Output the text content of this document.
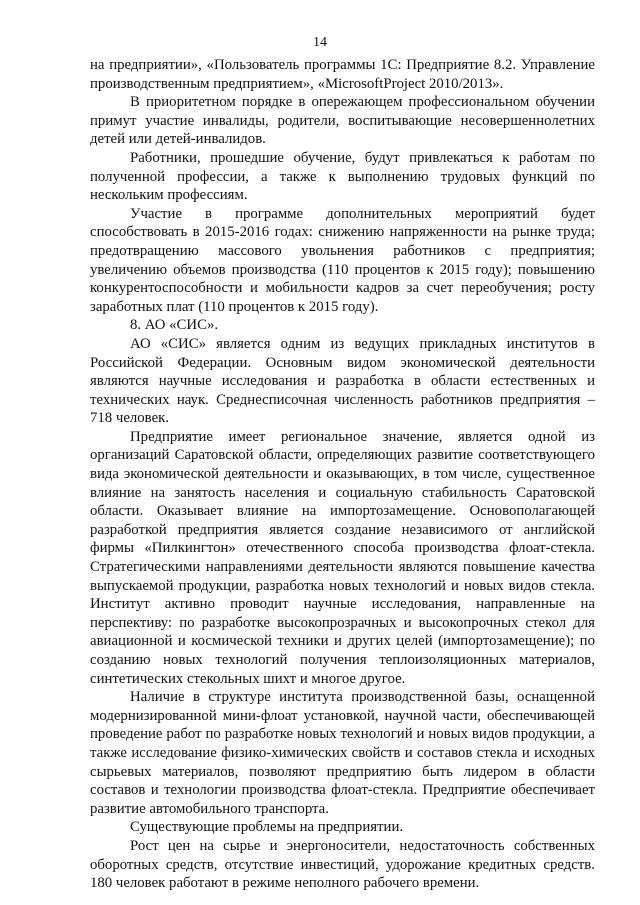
14

на предприятии», «Пользователь программы 1С: Предприятие 8.2. Управление производственным предприятием», «MicrosoftProject 2010/2013».

В приоритетном порядке в опережающем профессиональном обучении примут участие инвалиды, родители, воспитывающие несовершеннолетних детей или детей-инвалидов.

Работники, прошедшие обучение, будут привлекаться к работам по полученной профессии, а также к выполнению трудовых функций по нескольким профессиям.

Участие в программе дополнительных мероприятий будет способствовать в 2015-2016 годах: снижению напряженности на рынке труда; предотвращению массового увольнения работников с предприятия; увеличению объемов производства (110 процентов к 2015 году); повышению конкурентоспособности и мобильности кадров за счет переобучения; росту заработных плат (110 процентов к 2015 году).

8. АО «СИС».

АО «СИС» является одним из ведущих прикладных институтов в Российской Федерации. Основным видом экономической деятельности являются научные исследования и разработка в области естественных и технических наук. Среднесписочная численность работников предприятия – 718 человек.

Предприятие имеет региональное значение, является одной из организаций Саратовской области, определяющих развитие соответствующего вида экономической деятельности и оказывающих, в том числе, существенное влияние на занятость населения и социальную стабильность Саратовской области. Оказывает влияние на импортозамещение. Основополагающей разработкой предприятия является создание независимого от английской фирмы «Пилкингтон» отечественного способа производства флоат-стекла. Стратегическими направлениями деятельности являются повышение качества выпускаемой продукции, разработка новых технологий и новых видов стекла. Институт активно проводит научные исследования, направленные на перспективу: по разработке высокопрозрачных и высокопрочных стекол для авиационной и космической техники и других целей (импортозамещение); по созданию новых технологий получения теплоизоляционных материалов, синтетических стекольных шихт и многое другое.

Наличие в структуре института производственной базы, оснащенной модернизированной мини-флоат установкой, научной части, обеспечивающей проведение работ по разработке новых технологий и новых видов продукции, а также исследование физико-химических свойств и составов стекла и исходных сырьевых материалов, позволяют предприятию быть лидером в области составов и технологии производства флоат-стекла. Предприятие обеспечивает развитие автомобильного транспорта.

Существующие проблемы на предприятии.

Рост цен на сырье и энергоносители, недостаточность собственных оборотных средств, отсутствие инвестиций, удорожание кредитных средств. 180 человек работают в режиме неполного рабочего времени.
